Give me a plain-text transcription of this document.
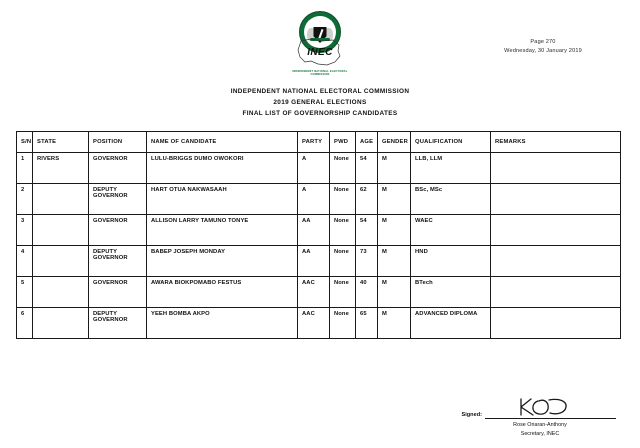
Page 270
Wednesday, 30 January 2019
INEC
INDEPENDENT NATIONAL ELECTORAL COMMISSION
INDEPENDENT NATIONAL ELECTORAL COMMISSION
2019 GENERAL ELECTIONS
FINAL LIST OF GOVERNORSHIP CANDIDATES
S/N	STATE	POSITION	NAME OF CANDIDATE	PARTY	PWD	AGE	GENDER	QUALIFICATION	REMARKS
1	RIVERS	GOVERNOR	LULU-BRIGGS DUMO OWOKORI	A	None	54	M	LLB, LLM	
2		DEPUTY GOVERNOR	HART OTUA NAKWASAAH	A	None	62	M	BSc, MSc	
3		GOVERNOR	ALLISON LARRY TAMUNO TONYE	AA	None	54	M	WAEC	
4		DEPUTY GOVERNOR	BABEP JOSEPH MONDAY	AA	None	73	M	HND	
5		GOVERNOR	AWARA BIOKPOMABO FESTUS	AAC	None	40	M	BTech	
6		DEPUTY GOVERNOR	YEEH BOMBA AKPO	AAC	None	65	M	ADVANCED DIPLOMA	
Signed:
Rose Oriaran-Anthony
Secretary, INEC
